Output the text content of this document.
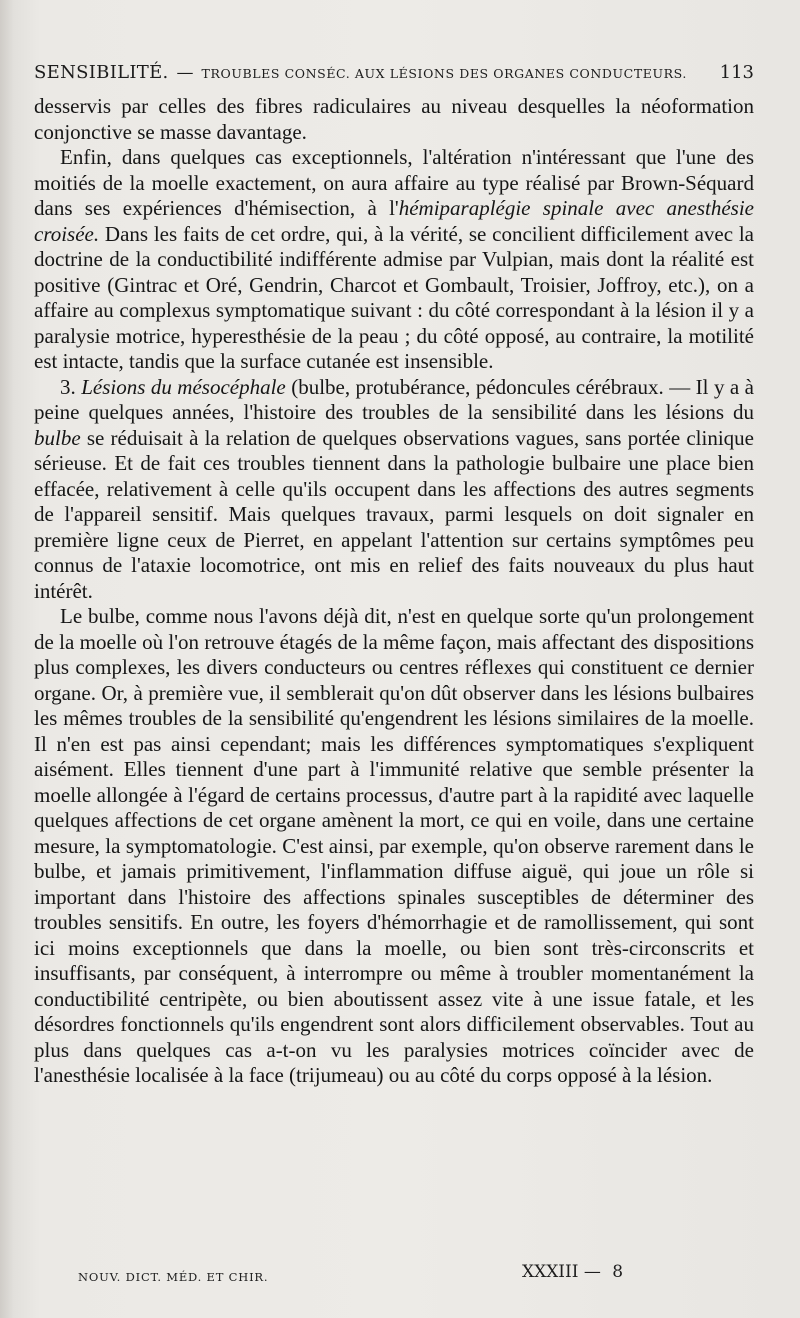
SENSIBILITÉ. — TROUBLES CONSÉC. AUX LÉSIONS DES ORGANES CONDUCTEURS. 113

desservis par celles des fibres radiculaires au niveau desquelles la néoformation conjonctive se masse davantage.

Enfin, dans quelques cas exceptionnels, l'altération n'intéressant que l'une des moitiés de la moelle exactement, on aura affaire au type réalisé par Brown-Séquard dans ses expériences d'hémisection, à l'hémiparaplégie spinale avec anesthésie croisée. Dans les faits de cet ordre, qui, à la vérité, se concilient difficilement avec la doctrine de la conductibilité indifférente admise par Vulpian, mais dont la réalité est positive (Gintrac et Oré, Gendrin, Charcot et Gombault, Troisier, Joffroy, etc.), on a affaire au complexus symptomatique suivant : du côté correspondant à la lésion il y a paralysie motrice, hyperesthésie de la peau ; du côté opposé, au contraire, la motilité est intacte, tandis que la surface cutanée est insensible.

3. Lésions du mésocéphale (bulbe, protubérance, pédoncules cérébraux. — Il y a à peine quelques années, l'histoire des troubles de la sensibilité dans les lésions du bulbe se réduisait à la relation de quelques observations vagues, sans portée clinique sérieuse. Et de fait ces troubles tiennent dans la pathologie bulbaire une place bien effacée, relativement à celle qu'ils occupent dans les affections des autres segments de l'appareil sensitif. Mais quelques travaux, parmi lesquels on doit signaler en première ligne ceux de Pierret, en appelant l'attention sur certains symptômes peu connus de l'ataxie locomotrice, ont mis en relief des faits nouveaux du plus haut intérêt.

Le bulbe, comme nous l'avons déjà dit, n'est en quelque sorte qu'un prolongement de la moelle où l'on retrouve étagés de la même façon, mais affectant des dispositions plus complexes, les divers conducteurs ou centres réflexes qui constituent ce dernier organe. Or, à première vue, il semblerait qu'on dût observer dans les lésions bulbaires les mêmes troubles de la sensibilité qu'engendrent les lésions similaires de la moelle. Il n'en est pas ainsi cependant; mais les différences symptomatiques s'expliquent aisément. Elles tiennent d'une part à l'immunité relative que semble présenter la moelle allongée à l'égard de certains processus, d'autre part à la rapidité avec laquelle quelques affections de cet organe amènent la mort, ce qui en voile, dans une certaine mesure, la symptomatologie. C'est ainsi, par exemple, qu'on observe rarement dans le bulbe, et jamais primitivement, l'inflammation diffuse aiguë, qui joue un rôle si important dans l'histoire des affections spinales susceptibles de déterminer des troubles sensitifs. En outre, les foyers d'hémorrhagie et de ramollissement, qui sont ici moins exceptionnels que dans la moelle, ou bien sont très-circonscrits et insuffisants, par conséquent, à interrompre ou même à troubler momentanément la conductibilité centripète, ou bien aboutissent assez vite à une issue fatale, et les désordres fonctionnels qu'ils engendrent sont alors difficilement observables. Tout au plus dans quelques cas a-t-on vu les paralysies motrices coïncider avec de l'anesthésie localisée à la face (trijumeau) ou au côté du corps opposé à la lésion.

NOUV. DICT. MÉD. ET CHIR.	XXXIII — 8
